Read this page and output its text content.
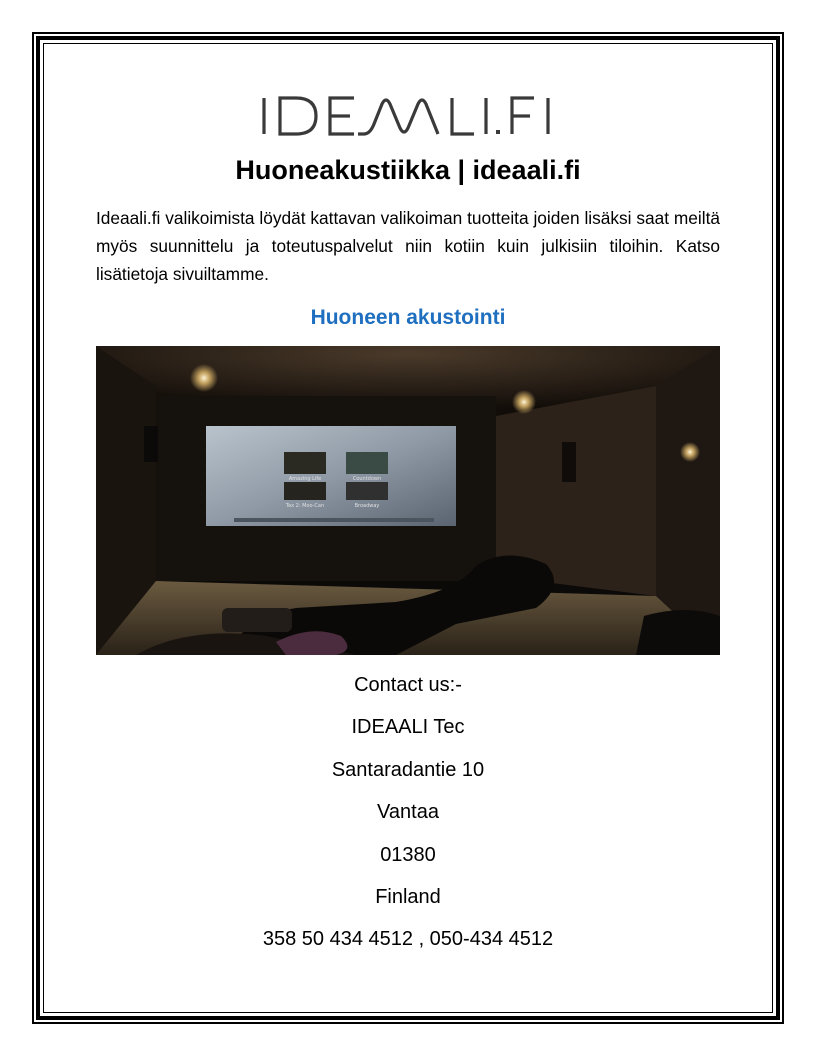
Huoneakustiikka | ideaali.fi

Ideaali.fi valikoimista löydät kattavan valikoiman tuotteita joiden lisäksi saat meiltä myös suunnittelu ja toteutuspalvelut niin kotiin kuin julkisiin tiloihin. Katso lisätietoja sivuiltamme.

Huoneen akustointi
Amazing Life	Countdown
Tex 2: Moo-Can	Broadway
Contact us:-
IDEAALI Tec
Santaradantie 10
Vantaa
01380
Finland
358 50 434 4512 , 050-434 4512
